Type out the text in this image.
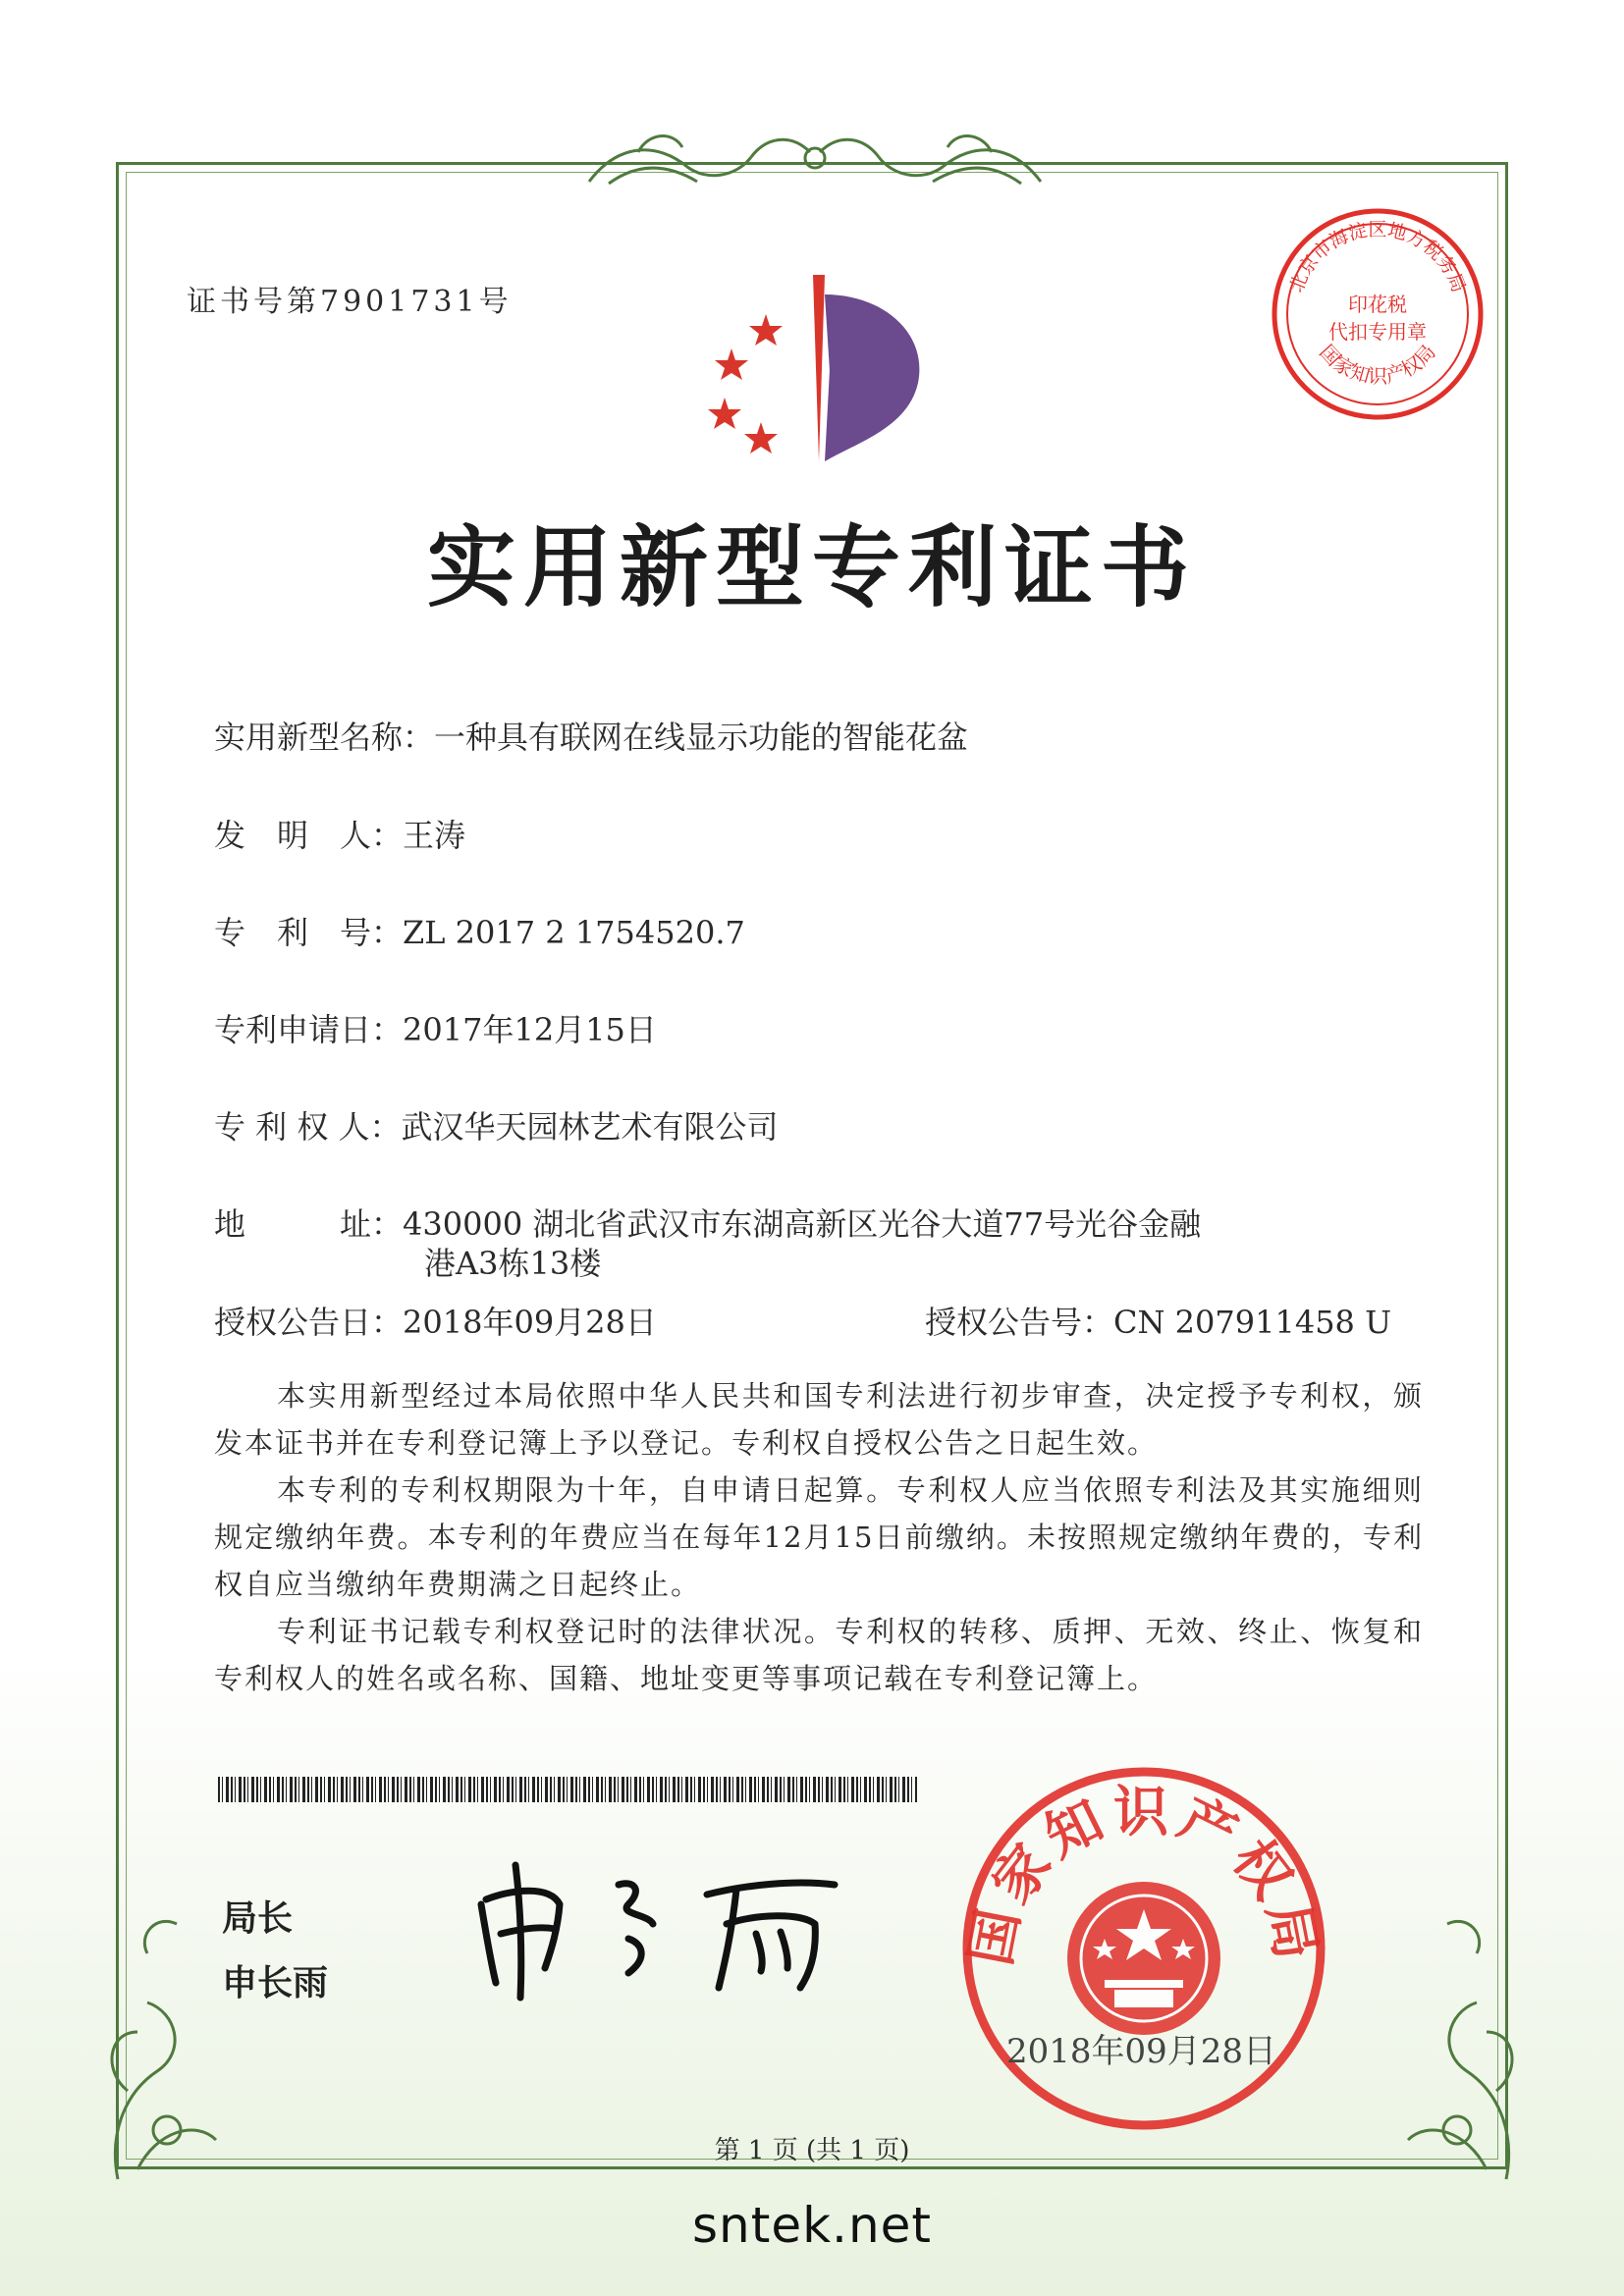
证书号第7901731号
北京市海淀区地方税务局
国家知识产权局
印花税
代扣专用章
实用新型专利证书
实用新型名称：一种具有联网在线显示功能的智能花盆
发　明　人：王涛
专　利　号：ZL 2017 2 1754520.7
专利申请日：2017年12月15日
专 利 权 人：武汉华天园林艺术有限公司
地　　　址：430000 湖北省武汉市东湖高新区光谷大道77号光谷金融
港A3栋13楼
授权公告日：2018年09月28日	授权公告号：CN 207911458 U
本实用新型经过本局依照中华人民共和国专利法进行初步审查，决定授予专利权，颁发本证书并在专利登记簿上予以登记。专利权自授权公告之日起生效。
本专利的专利权期限为十年，自申请日起算。专利权人应当依照专利法及其实施细则规定缴纳年费。本专利的年费应当在每年12月15日前缴纳。未按照规定缴纳年费的，专利权自应当缴纳年费期满之日起终止。
专利证书记载专利权登记时的法律状况。专利权的转移、质押、无效、终止、恢复和专利权人的姓名或名称、国籍、地址变更等事项记载在专利登记簿上。
局长
申长雨
国家知识产权局
2018年09月28日
第 1 页 (共 1 页)
sntek.net
